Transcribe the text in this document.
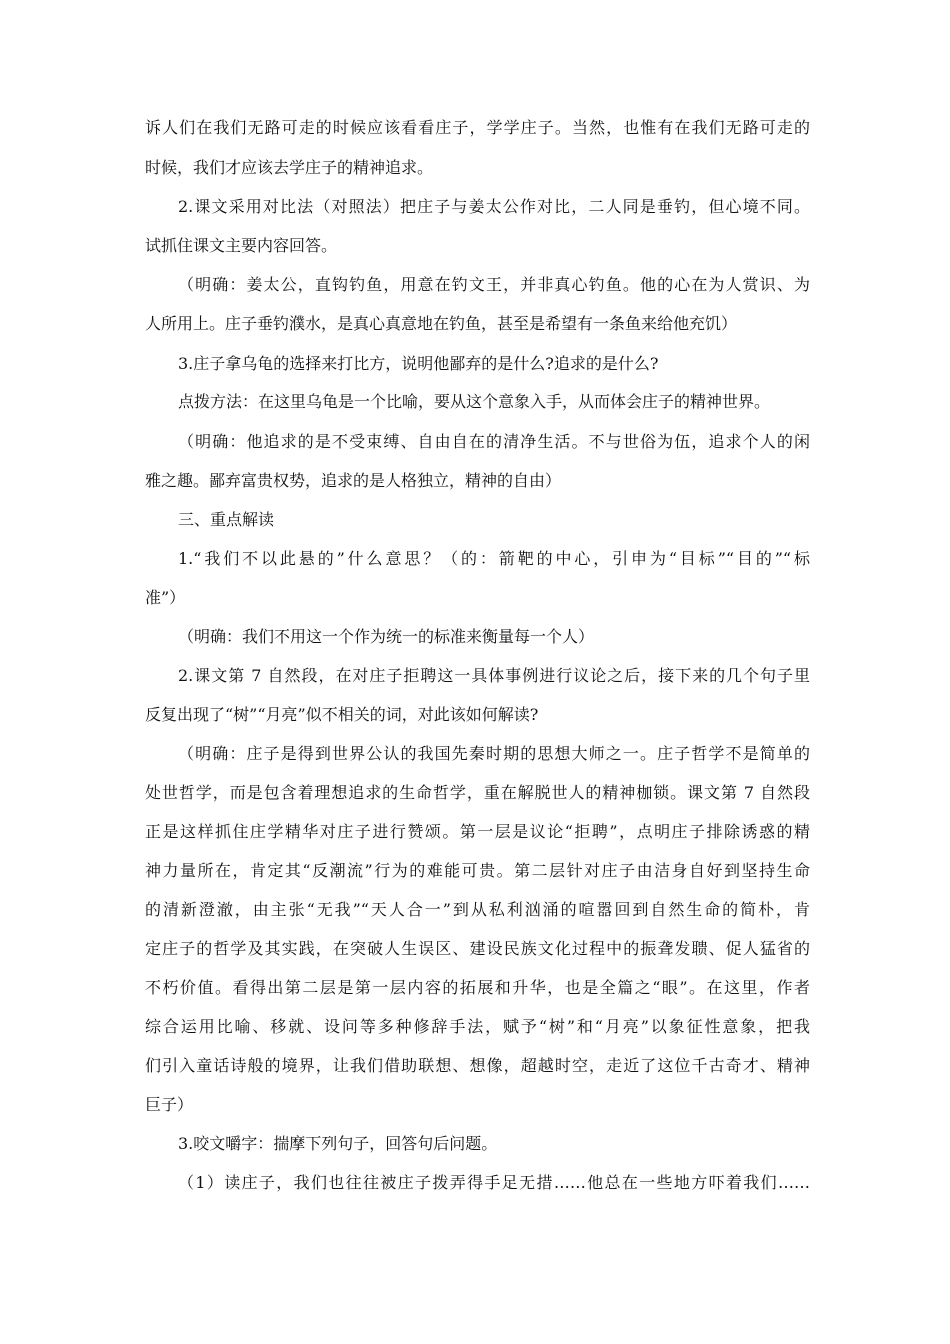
诉人们在我们无路可走的时候应该看看庄子，学学庄子。当然，也惟有在我们无路可走的
时候，我们才应该去学庄子的精神追求。
2.课文采用对比法（对照法）把庄子与姜太公作对比，二人同是垂钓，但心境不同。
试抓住课文主要内容回答。
（明确：姜太公，直钩钓鱼，用意在钓文王，并非真心钓鱼。他的心在为人赏识、为
人所用上。庄子垂钓濮水，是真心真意地在钓鱼，甚至是希望有一条鱼来给他充饥）
3.庄子拿乌龟的选择来打比方，说明他鄙弃的是什么?追求的是什么?
点拨方法：在这里乌龟是一个比喻，要从这个意象入手，从而体会庄子的精神世界。
（明确：他追求的是不受束缚、自由自在的清净生活。不与世俗为伍，追求个人的闲
雅之趣。鄙弃富贵权势，追求的是人格独立，精神的自由）
三、重点解读
1.“我们不以此悬的”什么意思？（的：箭靶的中心，引申为“目标”“目的”“标
准”）
（明确：我们不用这一个作为统一的标准来衡量每一个人）
2.课文第 7 自然段，在对庄子拒聘这一具体事例进行议论之后，接下来的几个句子里
反复出现了“树”“月亮”似不相关的词，对此该如何解读?
（明确：庄子是得到世界公认的我国先秦时期的思想大师之一。庄子哲学不是简单的
处世哲学，而是包含着理想追求的生命哲学，重在解脱世人的精神枷锁。课文第 7 自然段
正是这样抓住庄学精华对庄子进行赞颂。第一层是议论“拒聘”，点明庄子排除诱惑的精
神力量所在，肯定其“反潮流”行为的难能可贵。第二层针对庄子由洁身自好到坚持生命
的清新澄澈，由主张“无我”“天人合一”到从私利汹涌的喧嚣回到自然生命的简朴，肯
定庄子的哲学及其实践，在突破人生误区、建设民族文化过程中的振聋发聩、促人猛省的
不朽价值。看得出第二层是第一层内容的拓展和升华，也是全篇之“眼”。在这里，作者
综合运用比喻、移就、设问等多种修辞手法，赋予“树”和“月亮”以象征性意象，把我
们引入童话诗般的境界，让我们借助联想、想像，超越时空，走近了这位千古奇才、精神
巨子）
3.咬文嚼字：揣摩下列句子，回答句后问题。
（1）读庄子，我们也往往被庄子拨弄得手足无措……他总在一些地方吓着我们……
